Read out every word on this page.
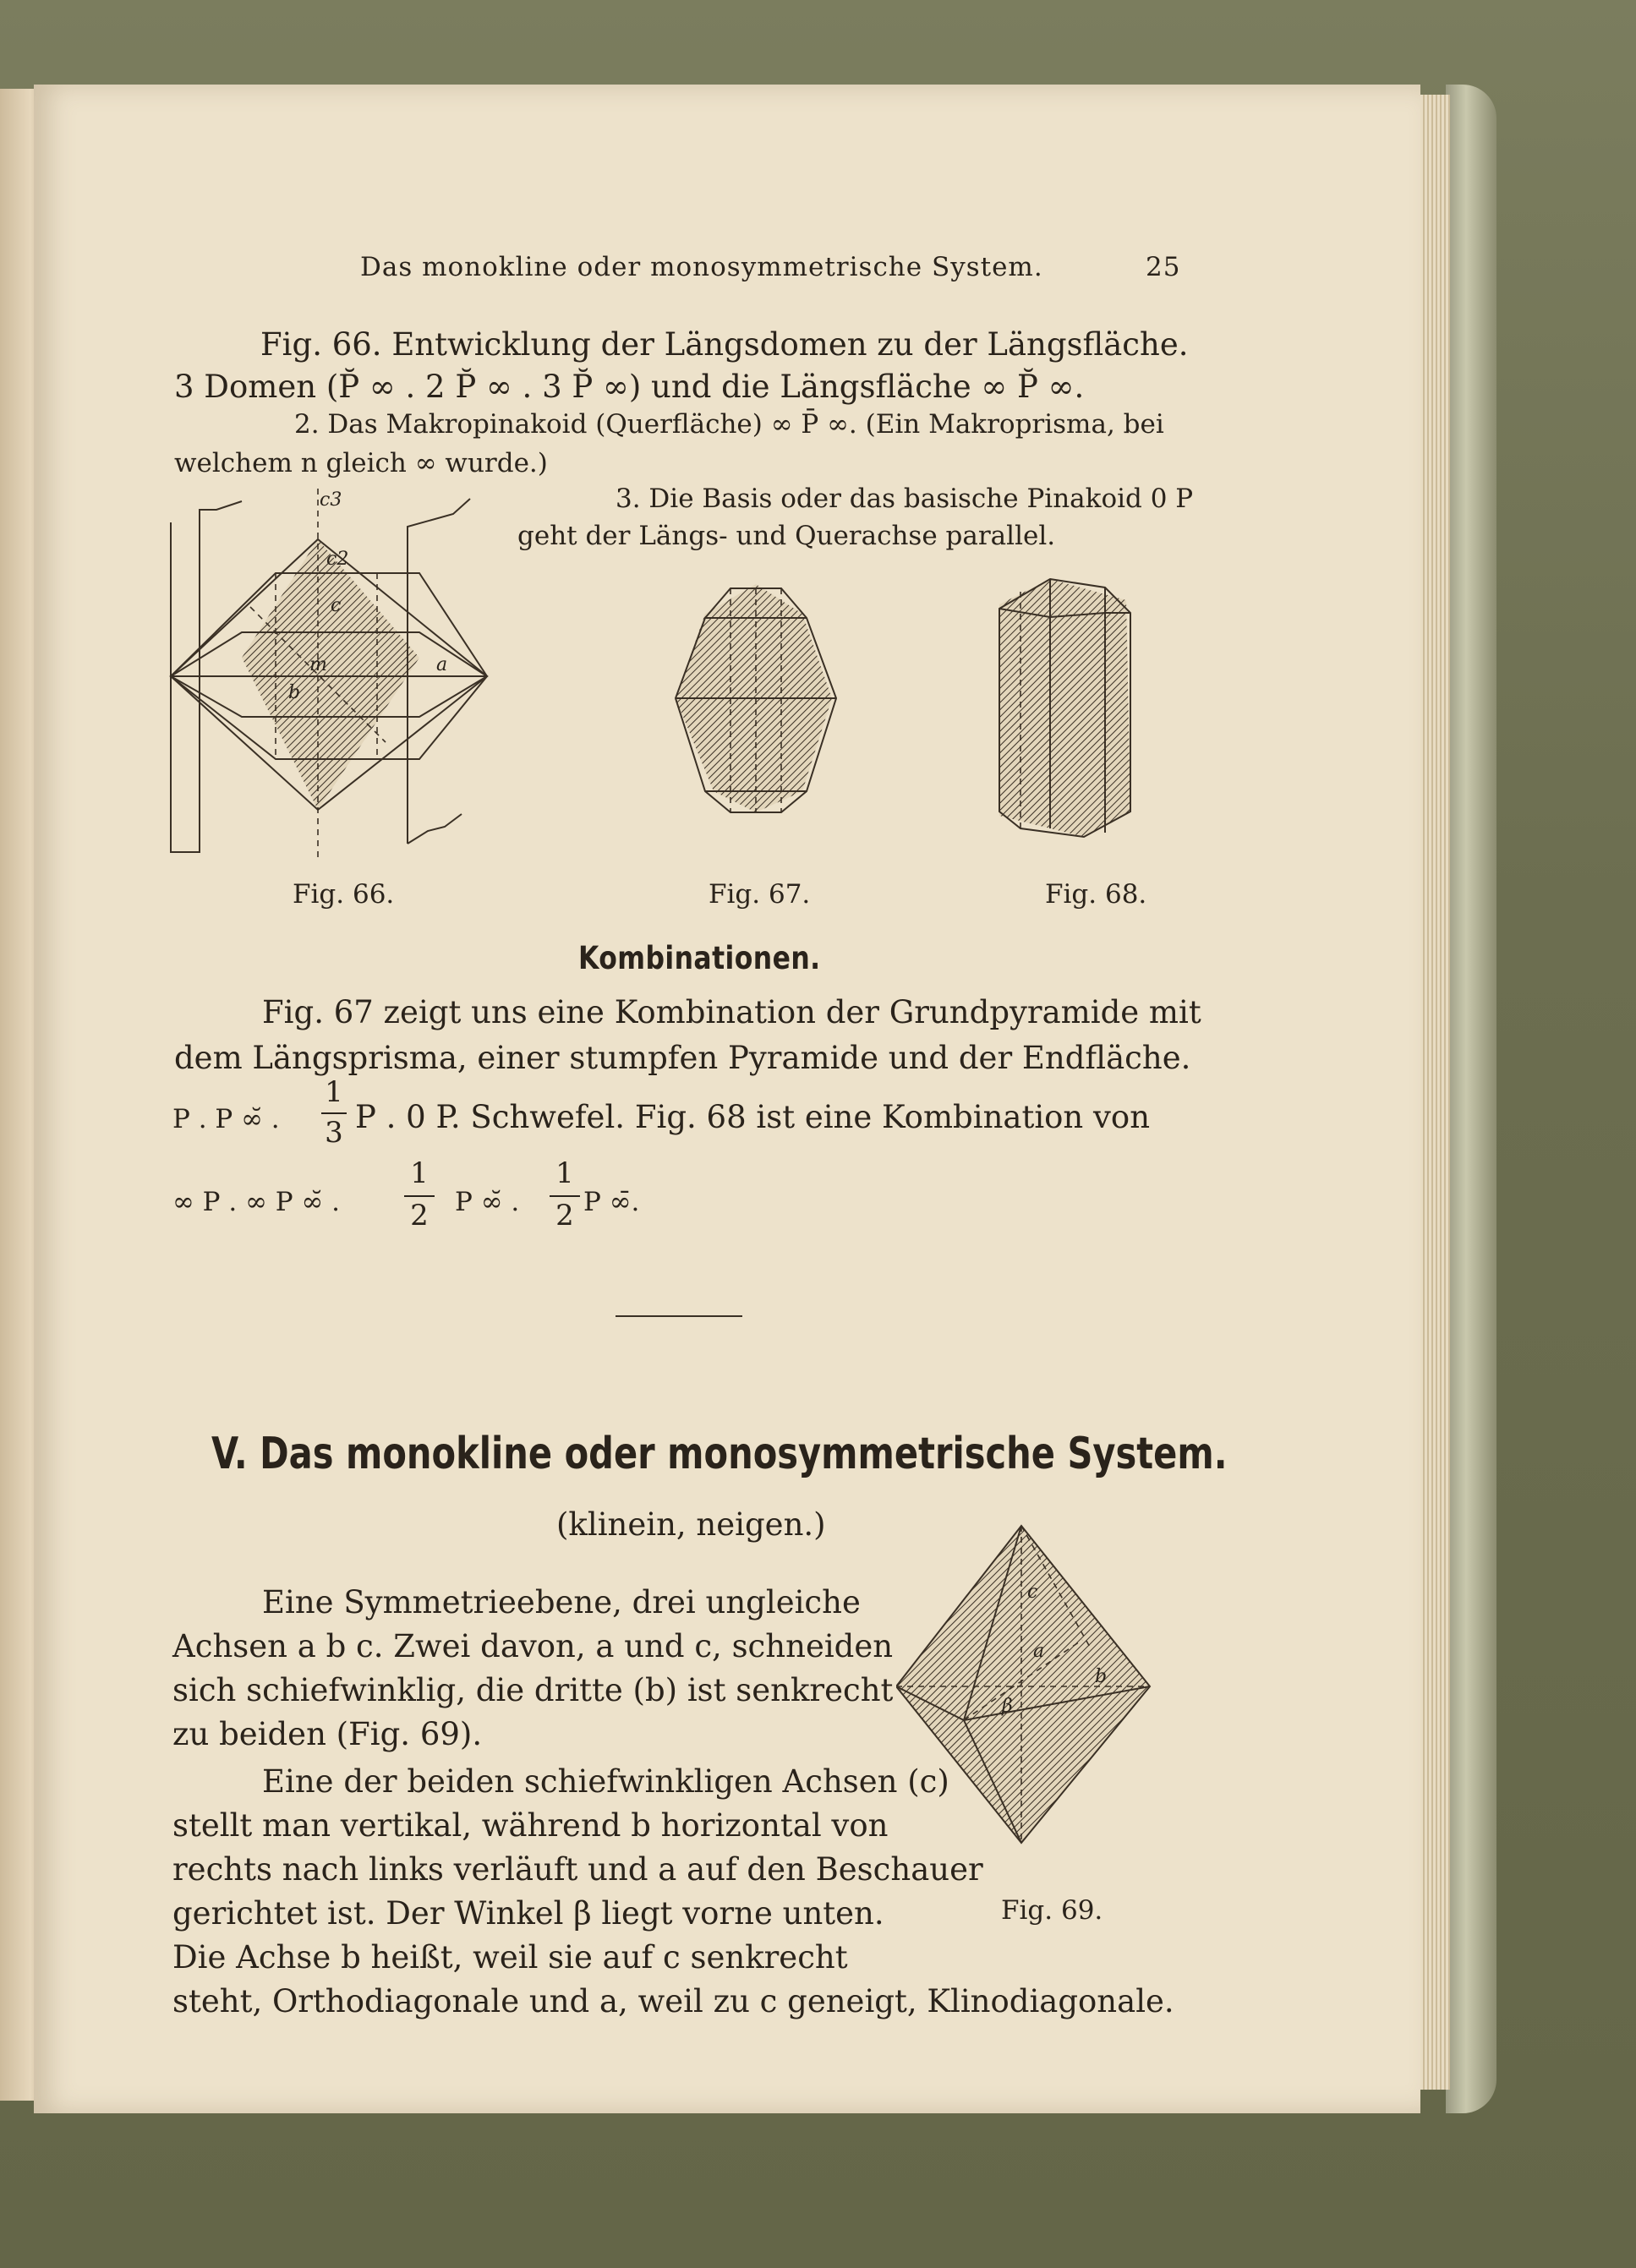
Das monokline oder monosymmetrische System.	25
Fig. 66. Entwicklung der Längsdomen zu der Längsfläche.
3 Domen (P̆ ∞ . 2 P̆ ∞ . 3 P̆ ∞) und die Längsfläche ∞ P̆ ∞.
2. Das Makropinakoid (Querfläche) ∞ P̄ ∞. (Ein Makroprisma, bei
welchem n gleich ∞ wurde.)
3. Die Basis oder das basische Pinakoid 0 P
geht der Längs- und Querachse parallel.
c3
c2
c
m
b
a
Fig. 66.	Fig. 67.	Fig. 68.
Kombinationen.
Fig. 67 zeigt uns eine Kombination der Grundpyramide mit
dem Längsprisma, einer stumpfen Pyramide und der Endfläche.
P . P ∞̆ .
1
3 P . 0 P. Schwefel. Fig. 68 ist eine Kombination von
∞ P . ∞ P ∞̆ .
1
2 P ∞̆ .
1
2 P ∞̄.
V. Das monokline oder monosymmetrische System.
(klinein, neigen.)
Eine Symmetrieebene, drei ungleiche
Achsen a b c. Zwei davon, a und c, schneiden
sich schiefwinklig, die dritte (b) ist senkrecht
zu beiden (Fig. 69).
Eine der beiden schiefwinkligen Achsen (c)
stellt man vertikal, während b horizontal von
rechts nach links verläuft und a auf den Beschauer
gerichtet ist. Der Winkel β liegt vorne unten.
Die Achse b heißt, weil sie auf c senkrecht
steht, Orthodiagonale und a, weil zu c geneigt, Klinodiagonale.
c
a
b
β
Fig. 69.
